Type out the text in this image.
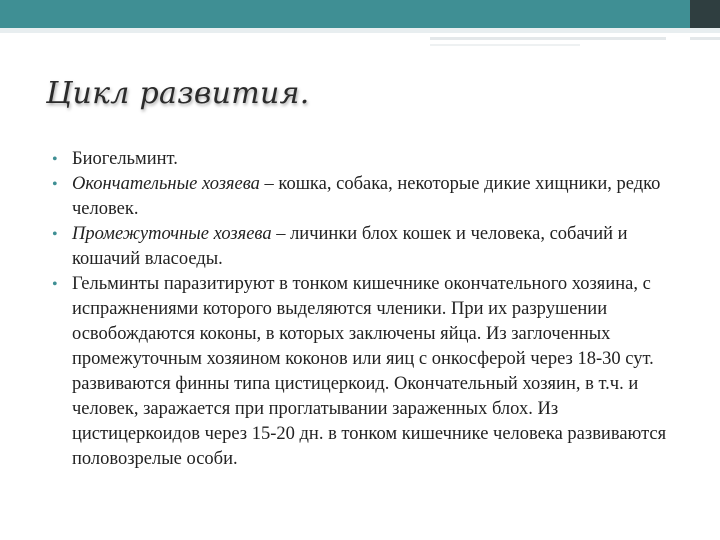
Цикл развития.
• Биогельминт.
• Окончательные хозяева – кошка, собака, некоторые дикие хищники, редко человек.
• Промежуточные хозяева – личинки блох кошек и человека, собачий и кошачий власоеды.
• Гельминты паразитируют в тонком кишечнике окончательного хозяина, с испражнениями которого выделяются членики. При их разрушении освобождаются коконы, в которых заключены яйца. Из заглоченных промежуточным хозяином коконов или яиц с онкосферой через 18-30 сут. развиваются финны типа цистицеркоид. Окончательный хозяин, в т.ч. и человек, заражается при проглатывании зараженных блох. Из цистицеркоидов через 15-20 дн. в тонком кишечнике человека развиваются половозрелые особи.
